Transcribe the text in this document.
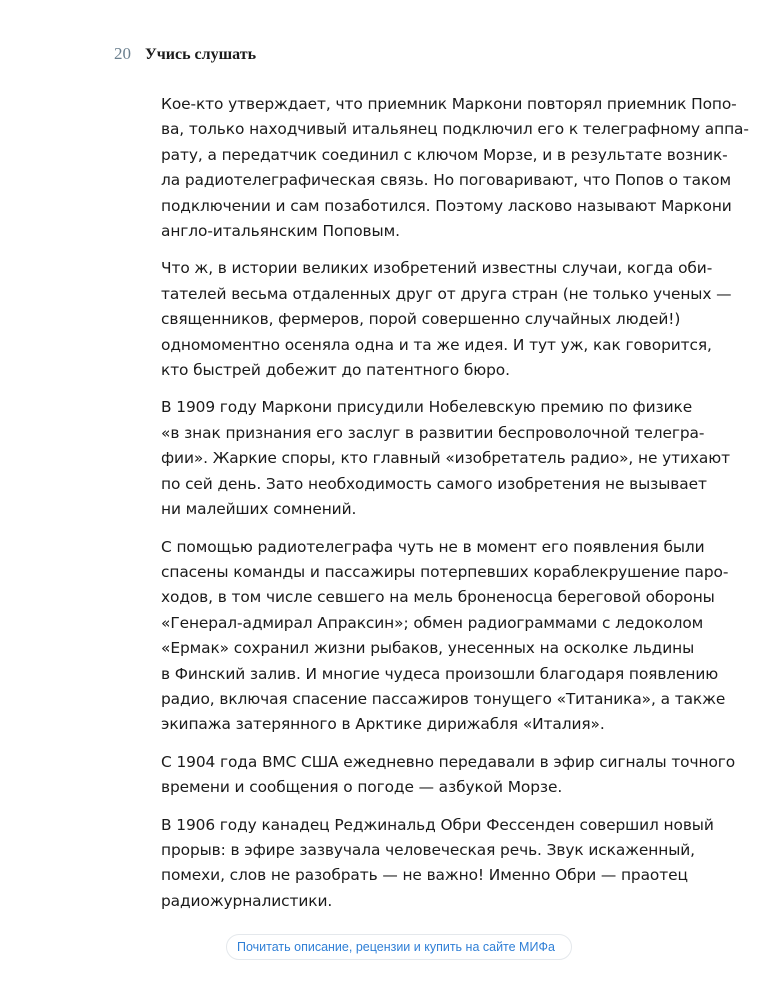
20 Учись слушать

Кое-кто утверждает, что приемник Маркони повторял приемник Попо-
ва, только находчивый итальянец подключил его к телеграфному аппа-
рату, а передатчик соединил с ключом Морзе, и в результате возник-
ла радиотелеграфическая связь. Но поговаривают, что Попов о таком
подключении и сам позаботился. Поэтому ласково называют Маркони
англо-итальянским Поповым.

Что ж, в истории великих изобретений известны случаи, когда оби-
тателей весьма отдаленных друг от друга стран (не только ученых —
священников, фермеров, порой совершенно случайных людей!)
одномоментно осеняла одна и та же идея. И тут уж, как говорится,
кто быстрей добежит до патентного бюро.

В 1909 году Маркони присудили Нобелевскую премию по физике
«в знак признания его заслуг в развитии беспроволочной телегра-
фии». Жаркие споры, кто главный «изобретатель радио», не утихают
по сей день. Зато необходимость самого изобретения не вызывает
ни малейших сомнений.

С помощью радиотелеграфа чуть не в момент его появления были
спасены команды и пассажиры потерпевших кораблекрушение паро-
ходов, в том числе севшего на мель броненосца береговой обороны
«Генерал-адмирал Апраксин»; обмен радиограммами с ледоколом
«Ермак» сохранил жизни рыбаков, унесенных на осколке льдины
в Финский залив. И многие чудеса произошли благодаря появлению
радио, включая спасение пассажиров тонущего «Титаника», а также
экипажа затерянного в Арктике дирижабля «Италия».

С 1904 года ВМС США ежедневно передавали в эфир сигналы точного
времени и сообщения о погоде — азбукой Морзе.

В 1906 году канадец Реджинальд Обри Фессенден совершил новый
прорыв: в эфире зазвучала человеческая речь. Звук искаженный,
помехи, слов не разобрать — не важно! Именно Обри — праотец
радиожурналистики.

Почитать описание, рецензии и купить на сайте МИФа
